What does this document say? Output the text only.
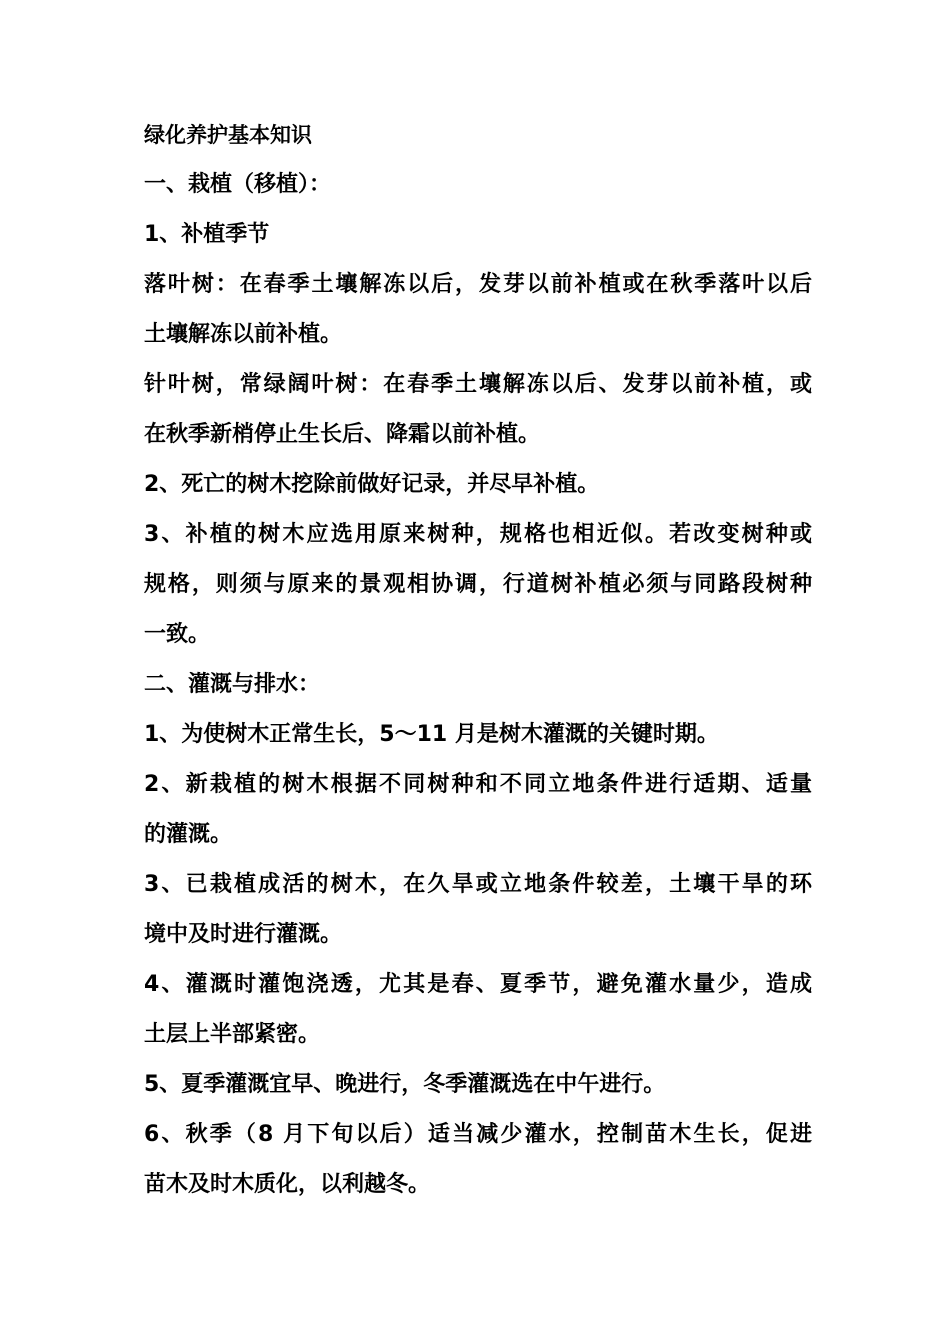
绿化养护基本知识

一、栽植（移植）：

1、补植季节

落叶树：在春季土壤解冻以后，发芽以前补植或在秋季落叶以后

土壤解冻以前补植。

针叶树，常绿阔叶树：在春季土壤解冻以后、发芽以前补植，或

在秋季新梢停止生长后、降霜以前补植。

2、死亡的树木挖除前做好记录，并尽早补植。

3、补植的树木应选用原来树种，规格也相近似。若改变树种或

规格，则须与原来的景观相协调，行道树补植必须与同路段树种

一致。

二、灌溉与排水：

1、为使树木正常生长，5～11 月是树木灌溉的关键时期。

2、新栽植的树木根据不同树种和不同立地条件进行适期、适量

的灌溉。

3、已栽植成活的树木，在久旱或立地条件较差，土壤干旱的环

境中及时进行灌溉。

4、灌溉时灌饱浇透，尤其是春、夏季节，避免灌水量少，造成

土层上半部紧密。

5、夏季灌溉宜早、晚进行，冬季灌溉选在中午进行。

6、秋季（8 月下旬以后）适当减少灌水，控制苗木生长，促进

苗木及时木质化，以利越冬。
